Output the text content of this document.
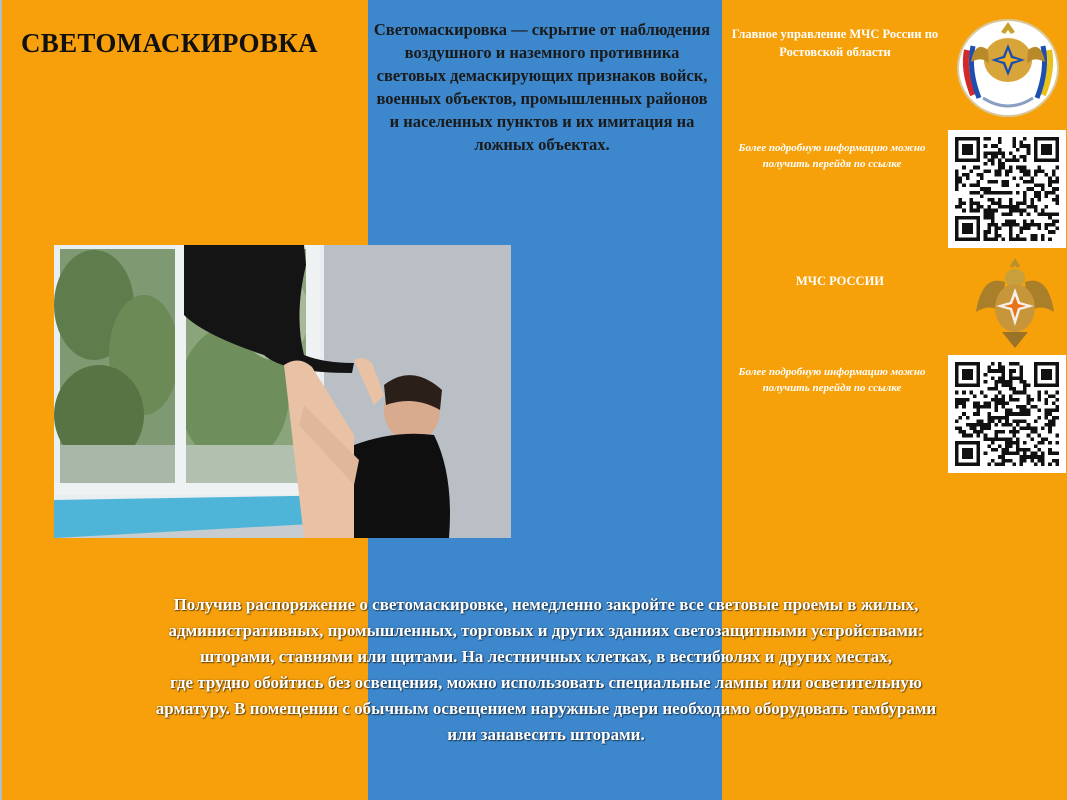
СВЕТОМАСКИРОВКА	Светомаскировка — скрытие от наблюдения воздушного и наземного противника световых демаскирующих признаков войск, военных объектов, промышленных районов и населенных пунктов и их имитация на ложных объектах.
Главное управление МЧС России по Ростовской области
Более подробную информацию можно получить перейдя по ссылке
МЧС РОССИИ
Более подробную информацию можно получить перейдя по ссылке
Получив распоряжение о светомаскировке, немедленно закройте все световые проемы в жилых,
административных, промышленных, торговых и других зданиях светозащитными устройствами:
шторами, ставнями или щитами. На лестничных клетках, в вестибюлях и других местах,
где трудно обойтись без освещения, можно использовать специальные лампы или осветительную
арматуру. В помещении с обычным освещением наружные двери необходимо оборудовать тамбурами
или занавесить шторами.
